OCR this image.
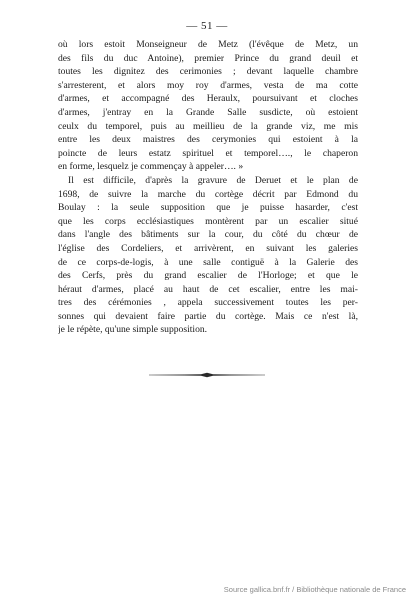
— 51 —
où lors estoit Monseigneur de Metz (l'évêque de Metz, un
des fils du duc Antoine), premier Prince du grand deuil et
toutes les dignitez des cerimonies ; devant laquelle chambre
s'arresterent, et alors moy roy d'armes, vesta de ma cotte
d'armes, et accompagné des Heraulx, poursuivant et cloches
d'armes, j'entray en la Grande Salle susdicte, où estoient
ceulx du temporel, puis au meillieu de la grande viz, me mis
entre les deux maistres des cerymonies qui estoient à la
poincte de leurs estatz spirituel et temporel…., le chaperon
en forme, lesquelz je commençay à appeler…. »
Il est difficile, d'après la gravure de Deruet et le plan de
1698, de suivre la marche du cortège décrit par Edmond du
Boulay : la seule supposition que je puisse hasarder, c'est
que les corps ecclésiastiques montèrent par un escalier situé
dans l'angle des bâtiments sur la cour, du côté du chœur de
l'église des Cordeliers, et arrivèrent, en suivant les galeries
de ce corps-de-logis, à une salle contiguë à la Galerie des
des Cerfs, près du grand escalier de l'Horloge; et que le
héraut d'armes, placé au haut de cet escalier, entre les mai-
tres des cérémonies , appela successivement toutes les per-
sonnes qui devaient faire partie du cortège. Mais ce n'est là,
je le répète, qu'une simple supposition.
Source gallica.bnf.fr / Bibliothèque nationale de France
